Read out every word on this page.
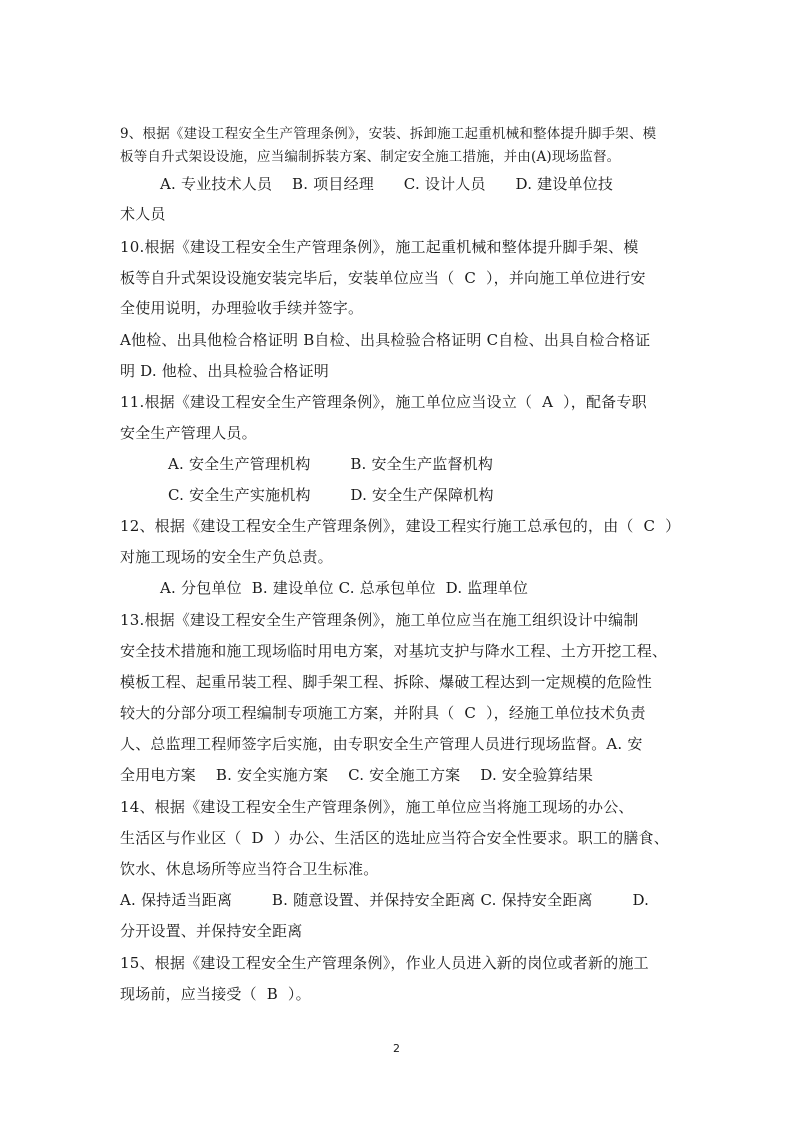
9、根据《建设工程安全生产管理条例》，安装、拆卸施工起重机械和整体提升脚手架、模
板等自升式架设设施，应当编制拆装方案、制定安全施工措施，并由(A)现场监督。
A. 专业技术人员    B. 项目经理      C. 设计人员      D. 建设单位技
术人员
10.根据《建设工程安全生产管理条例》，施工起重机械和整体提升脚手架、模
板等自升式架设设施安装完毕后，安装单位应当（  C  ），并向施工单位进行安
全使用说明，办理验收手续并签字。
A他检、出具他检合格证明 B自检、出具检验合格证明 C自检、出具自检合格证
明 D. 他检、出具检验合格证明
11.根据《建设工程安全生产管理条例》，施工单位应当设立（  A  ），配备专职
安全生产管理人员。
A. 安全生产管理机构        B. 安全生产监督机构
C. 安全生产实施机构        D. 安全生产保障机构
12、根据《建设工程安全生产管理条例》，建设工程实行施工总承包的，由（  C  ）
对施工现场的安全生产负总责。
A. 分包单位  B. 建设单位 C. 总承包单位  D. 监理单位
13.根据《建设工程安全生产管理条例》，施工单位应当在施工组织设计中编制
安全技术措施和施工现场临时用电方案，对基坑支护与降水工程、土方开挖工程、
模板工程、起重吊装工程、脚手架工程、拆除、爆破工程达到一定规模的危险性
较大的分部分项工程编制专项施工方案，并附具（  C  ），经施工单位技术负责
人、总监理工程师签字后实施，由专职安全生产管理人员进行现场监督。A. 安
全用电方案    B. 安全实施方案    C. 安全施工方案    D. 安全验算结果
14、根据《建设工程安全生产管理条例》，施工单位应当将施工现场的办公、
生活区与作业区（  D  ）办公、生活区的选址应当符合安全性要求。职工的膳食、
饮水、休息场所等应当符合卫生标准。
A. 保持适当距离        B. 随意设置、并保持安全距离 C. 保持安全距离        D.
分开设置、并保持安全距离
15、根据《建设工程安全生产管理条例》，作业人员进入新的岗位或者新的施工
现场前，应当接受（  B  ）。
2
